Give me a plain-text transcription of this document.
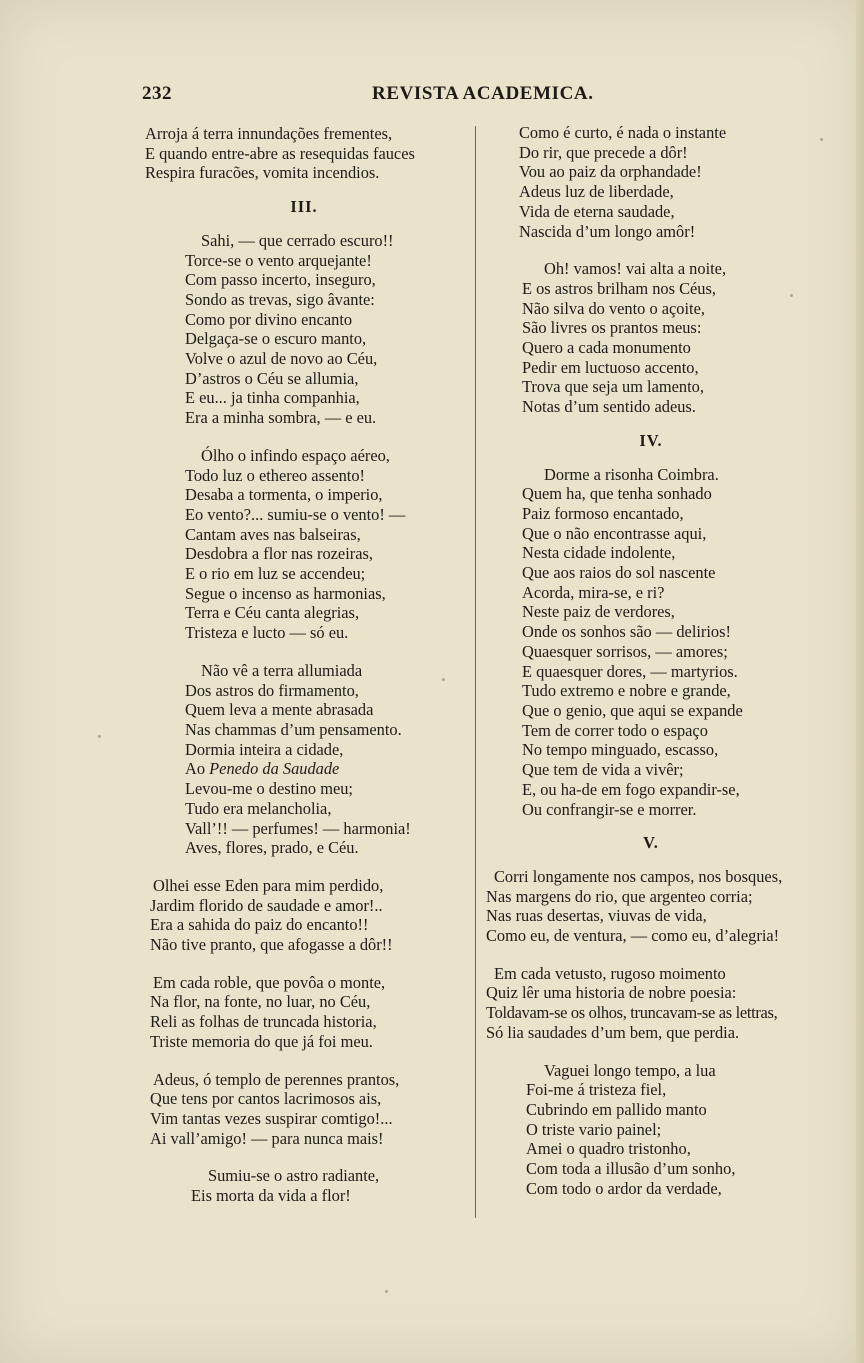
232	REVISTA ACADEMICA.
Arroja á terra innundações frementes,
E quando entre-abre as resequidas fauces
Respira furacões, vomita incendios.
III.
Sahi, — que cerrado escuro!!
Torce-se o vento arquejante!
Com passo incerto, inseguro,
Sondo as trevas, sigo âvante:
Como por divino encanto
Delgaça-se o escuro manto,
Volve o azul de novo ao Céu,
D’astros o Céu se allumia,
E eu... ja tinha companhia,
Era a minha sombra, — e eu.
Ólho o infindo espaço aéreo,
Todo luz o ethereo assento!
Desaba a tormenta, o imperio,
Eo vento?... sumiu-se o vento! —
Cantam aves nas balseiras,
Desdobra a flor nas rozeiras,
E o rio em luz se accendeu;
Segue o incenso as harmonias,
Terra e Céu canta alegrias,
Tristeza e lucto — só eu.
Não vê a terra allumiada
Dos astros do firmamento,
Quem leva a mente abrasada
Nas chammas d’um pensamento.
Dormia inteira a cidade,
Ao Penedo da Saudade
Levou-me o destino meu;
Tudo era melancholia,
Vall’!! — perfumes! — harmonia!
Aves, flores, prado, e Céu.
Olhei esse Eden para mim perdido,
Jardim florido de saudade e amor!..
Era a sahida do paiz do encanto!!
Não tive pranto, que afogasse a dôr!!
Em cada roble, que povôa o monte,
Na flor, na fonte, no luar, no Céu,
Reli as folhas de truncada historia,
Triste memoria do que já foi meu.
Adeus, ó templo de perennes prantos,
Que tens por cantos lacrimosos ais,
Vim tantas vezes suspirar comtigo!...
Ai vall’amigo! — para nunca mais!
Sumiu-se o astro radiante,
Eis morta da vida a flor!
Como é curto, é nada o instante
Do rir, que precede a dôr!
Vou ao paiz da orphandade!
Adeus luz de liberdade,
Vida de eterna saudade,
Nascida d’um longo amôr!
Oh! vamos! vai alta a noite,
E os astros brilham nos Céus,
Não silva do vento o açoite,
São livres os prantos meus:
Quero a cada monumento
Pedir em luctuoso accento,
Trova que seja um lamento,
Notas d’um sentido adeus.
IV.
Dorme a risonha Coimbra.
Quem ha, que tenha sonhado
Paiz formoso encantado,
Que o não encontrasse aqui,
Nesta cidade indolente,
Que aos raios do sol nascente
Acorda, mira-se, e ri?
Neste paiz de verdores,
Onde os sonhos são — delirios!
Quaesquer sorrisos, — amores;
E quaesquer dores, — martyrios.
Tudo extremo e nobre e grande,
Que o genio, que aqui se expande
Tem de correr todo o espaço
No tempo minguado, escasso,
Que tem de vida a vivêr;
E, ou ha-de em fogo expandir-se,
Ou confrangir-se e morrer.
V.
Corri longamente nos campos, nos bosques,
Nas margens do rio, que argenteo corria;
Nas ruas desertas, viuvas de vida,
Como eu, de ventura, — como eu, d’alegria!
Em cada vetusto, rugoso moimento
Quiz lêr uma historia de nobre poesia:
Toldavam-se os olhos, truncavam-se as lettras,
Só lia saudades d’um bem, que perdia.
Vaguei longo tempo, a lua
Foi-me á tristeza fiel,
Cubrindo em pallido manto
O triste vario painel;
Amei o quadro tristonho,
Com toda a illusão d’um sonho,
Com todo o ardor da verdade,
